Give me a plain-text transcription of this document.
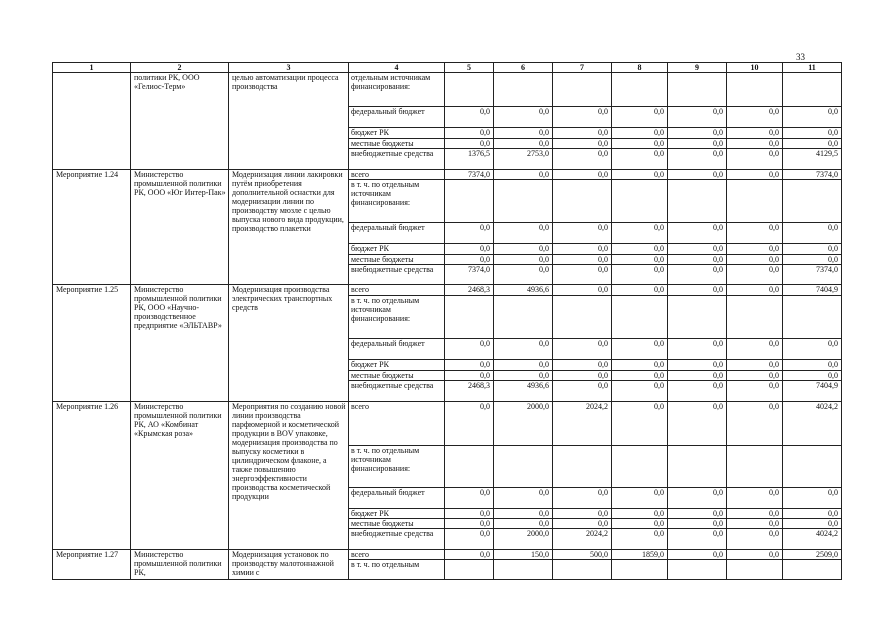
33
1	2	3	4	5	6	7	8	9	10	11
	политики РК, ООО «Гелиос-Терм»	целью автоматизации процесса производства	отдельным источникам финансирования:							
			федеральный бюджет	0,0	0,0	0,0	0,0	0,0	0,0	0,0
			бюджет РК	0,0	0,0	0,0	0,0	0,0	0,0	0,0
			местные бюджеты	0,0	0,0	0,0	0,0	0,0	0,0	0,0
			внебюджетные средства	1376,5	2753,0	0,0	0,0	0,0	0,0	4129,5
Мероприятие 1.24	Министерство промышленной политики РК, ООО «Юг Интер-Пак»	Модернизация линии лакировки путём приобретения дополнительной оснастки для модернизации линии по производству мюзле с целью выпуска нового вида продукции, производство плакетки	всего	7374,0	0,0	0,0	0,0	0,0	0,0	7374,0
			в т. ч. по отдельным источникам финансирования:							
			федеральный бюджет	0,0	0,0	0,0	0,0	0,0	0,0	0,0
			бюджет РК	0,0	0,0	0,0	0,0	0,0	0,0	0,0
			местные бюджеты	0,0	0,0	0,0	0,0	0,0	0,0	0,0
			внебюджетные средства	7374,0	0,0	0,0	0,0	0,0	0,0	7374,0
Мероприятие 1.25	Министерство промышленной политики РК, ООО «Научно-производственное предприятие «ЭЛЬТАВР»	Модернизация производства электрических транспортных средств	всего	2468,3	4936,6	0,0	0,0	0,0	0,0	7404,9
			в т. ч. по отдельным источникам финансирования:							
			федеральный бюджет	0,0	0,0	0,0	0,0	0,0	0,0	0,0
			бюджет РК	0,0	0,0	0,0	0,0	0,0	0,0	0,0
			местные бюджеты	0,0	0,0	0,0	0,0	0,0	0,0	0,0
			внебюджетные средства	2468,3	4936,6	0,0	0,0	0,0	0,0	7404,9
Мероприятие 1.26	Министерство промышленной политики РК, АО «Комбинат «Крымская роза»	Мероприятия по созданию новой линии производства парфюмерной и косметической продукции в BOV упаковке, модернизация производства по выпуску косметики в цилиндрическом флаконе, а также повышению энергоэффективности производства косметической продукции	всего	0,0	2000,0	2024,2	0,0	0,0	0,0	4024,2
			в т. ч. по отдельным источникам финансирования:							
			федеральный бюджет	0,0	0,0	0,0	0,0	0,0	0,0	0,0
			бюджет РК	0,0	0,0	0,0	0,0	0,0	0,0	0,0
			местные бюджеты	0,0	0,0	0,0	0,0	0,0	0,0	0,0
			внебюджетные средства	0,0	2000,0	2024,2	0,0	0,0	0,0	4024,2
Мероприятие 1.27	Министерство промышленной политики РК,	Модернизация установок по производству малотоннажной химии с	всего	0,0	150,0	500,0	1859,0	0,0	0,0	2509,0
			в т. ч. по отдельным							
